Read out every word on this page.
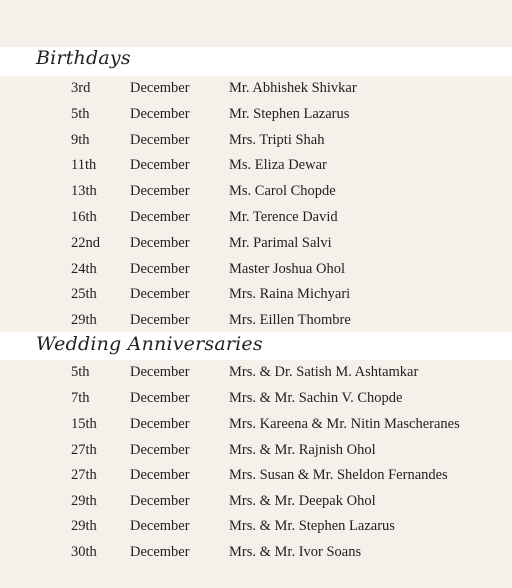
Birthdays
3rd	December	Mr. Abhishek Shivkar
5th	December	Mr. Stephen Lazarus
9th	December	Mrs. Tripti Shah
11th December	Ms. Eliza Dewar
13th December	Ms. Carol Chopde
16th December	Mr. Terence David
22nd December	Mr. Parimal Salvi
24th December	Master Joshua Ohol
25th December	Mrs. Raina Michyari
29th December	Mrs. Eillen Thombre
Wedding Anniversaries
5th	December	Mrs. & Dr. Satish M. Ashtamkar
7th	December	Mrs. & Mr. Sachin V. Chopde
15th December	Mrs. Kareena & Mr. Nitin Mascheranes
27th December	Mrs. & Mr. Rajnish Ohol
27th December	Mrs. Susan & Mr. Sheldon Fernandes
29th December	Mrs. & Mr. Deepak Ohol
29th December	Mrs. & Mr. Stephen Lazarus
30th December	Mrs. & Mr. Ivor Soans
